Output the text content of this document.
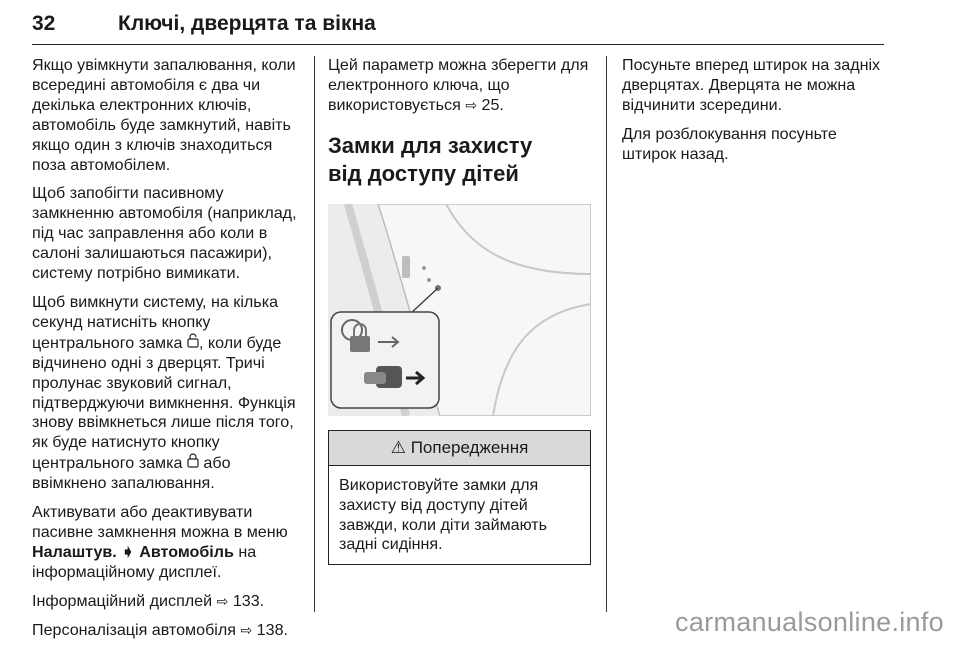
32	Ключі, дверцята та вікна

Якщо увімкнути запалювання, коли всередині автомобіля є два чи декілька електронних ключів, автомобіль буде замкнутий, навіть якщо один з ключів знаходиться поза автомобілем.

Щоб запобігти пасивному замкненню автомобіля (наприклад, під час заправлення або коли в салоні залишаються пасажири), систему потрібно вимикати.

Щоб вимкнути систему, на кілька секунд натисніть кнопку центрального замка , коли буде відчинено одні з дверцят. Тричі пролунає звуковий сигнал, підтверджуючи вимкнення. Функція знову ввімкнеться лише після того, як буде натиснуто кнопку центрального замка або ввімкнено запалювання.

Активувати або деактивувати пасивне замкнення можна в меню Налаштув. ➧ Автомобіль на інформаційному дисплеї.

Інформаційний дисплей ⇨ 133.

Персоналізація автомобіля ⇨ 138.

Цей параметр можна зберегти для електронного ключа, що використовується ⇨ 25.

Замки для захисту від доступу дітей
⚠ Попередження
Використовуйте замки для захисту від доступу дітей завжди, коли діти займають задні сидіння.

Посуньте вперед штирок на задніх дверцятах. Дверцята не можна відчинити зсередини.

Для розблокування посуньте штирок назад.

carmanualsonline.info
